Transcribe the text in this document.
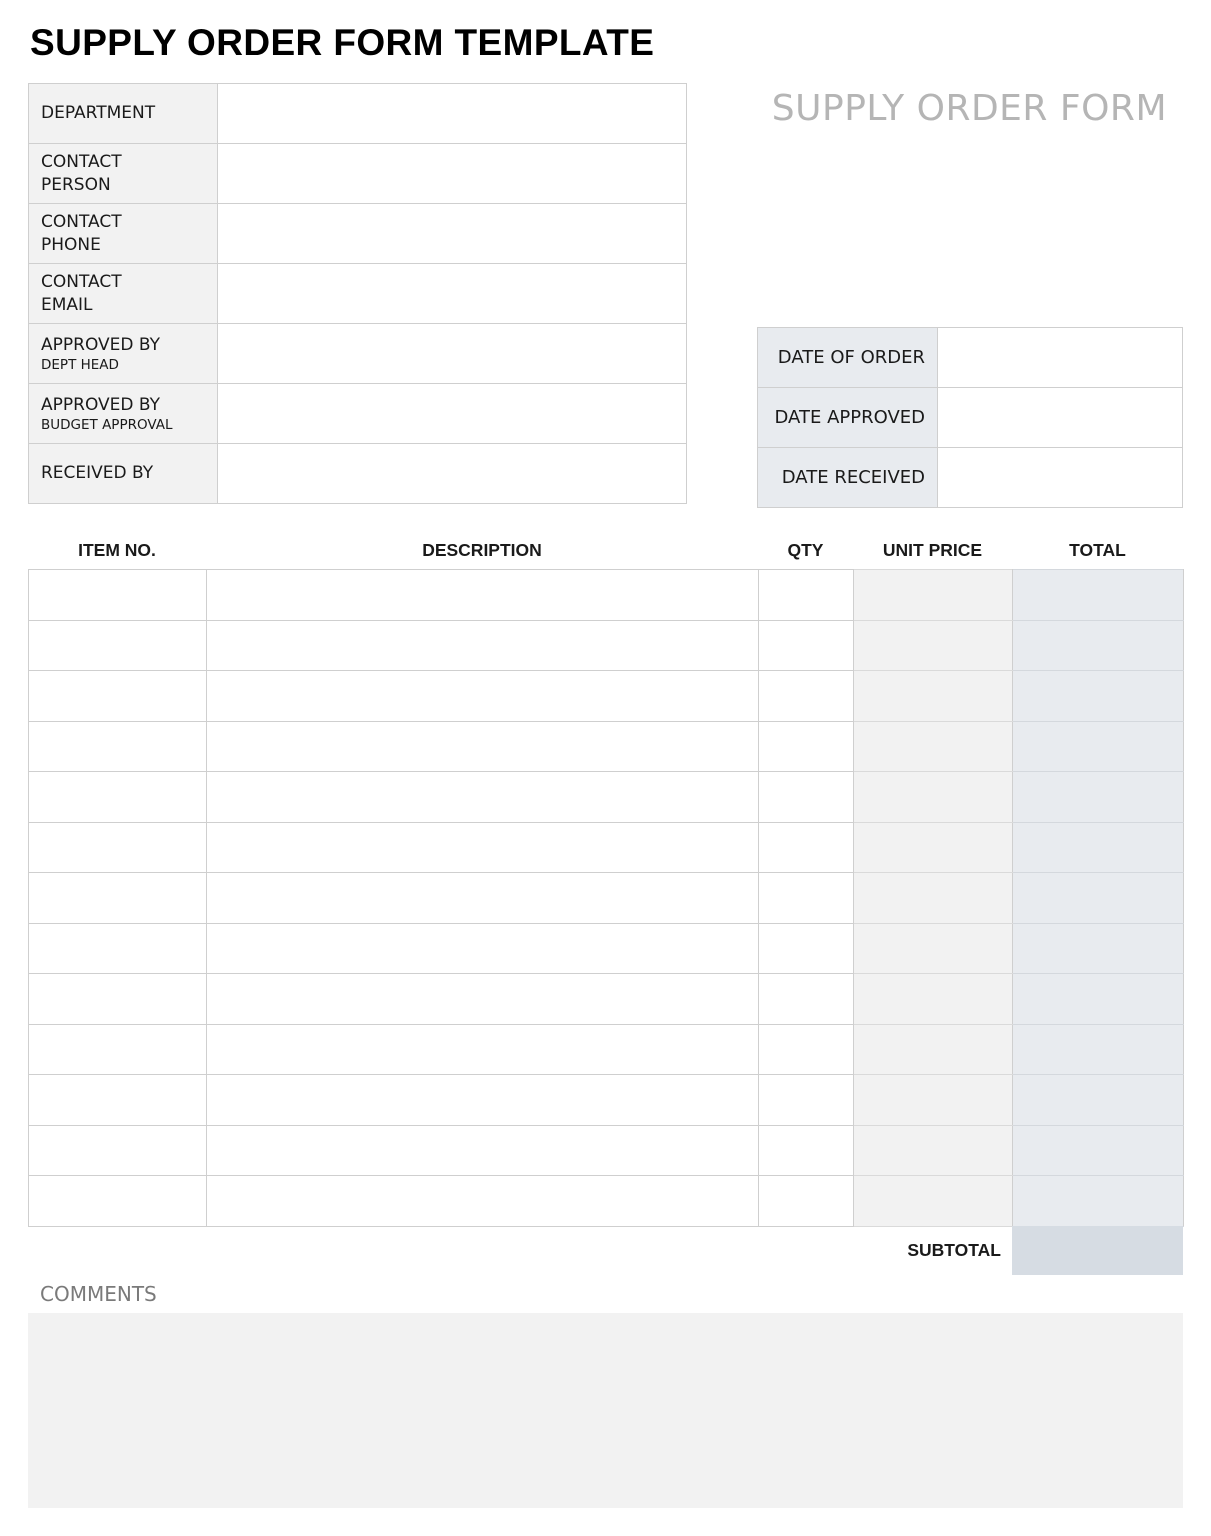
SUPPLY ORDER FORM TEMPLATE
SUPPLY ORDER FORM
DEPARTMENT	
CONTACT PERSON	
CONTACT PHONE	
CONTACT EMAIL	
APPROVED BY
DEPT HEAD	

APPROVED BY
BUDGET APPROVAL	

RECEIVED BY	
DATE OF ORDER	
DATE APPROVED	
DATE RECEIVED	
ITEM NO.	DESCRIPTION	QTY	UNIT PRICE	TOTAL

SUBTOTAL
COMMENTS
